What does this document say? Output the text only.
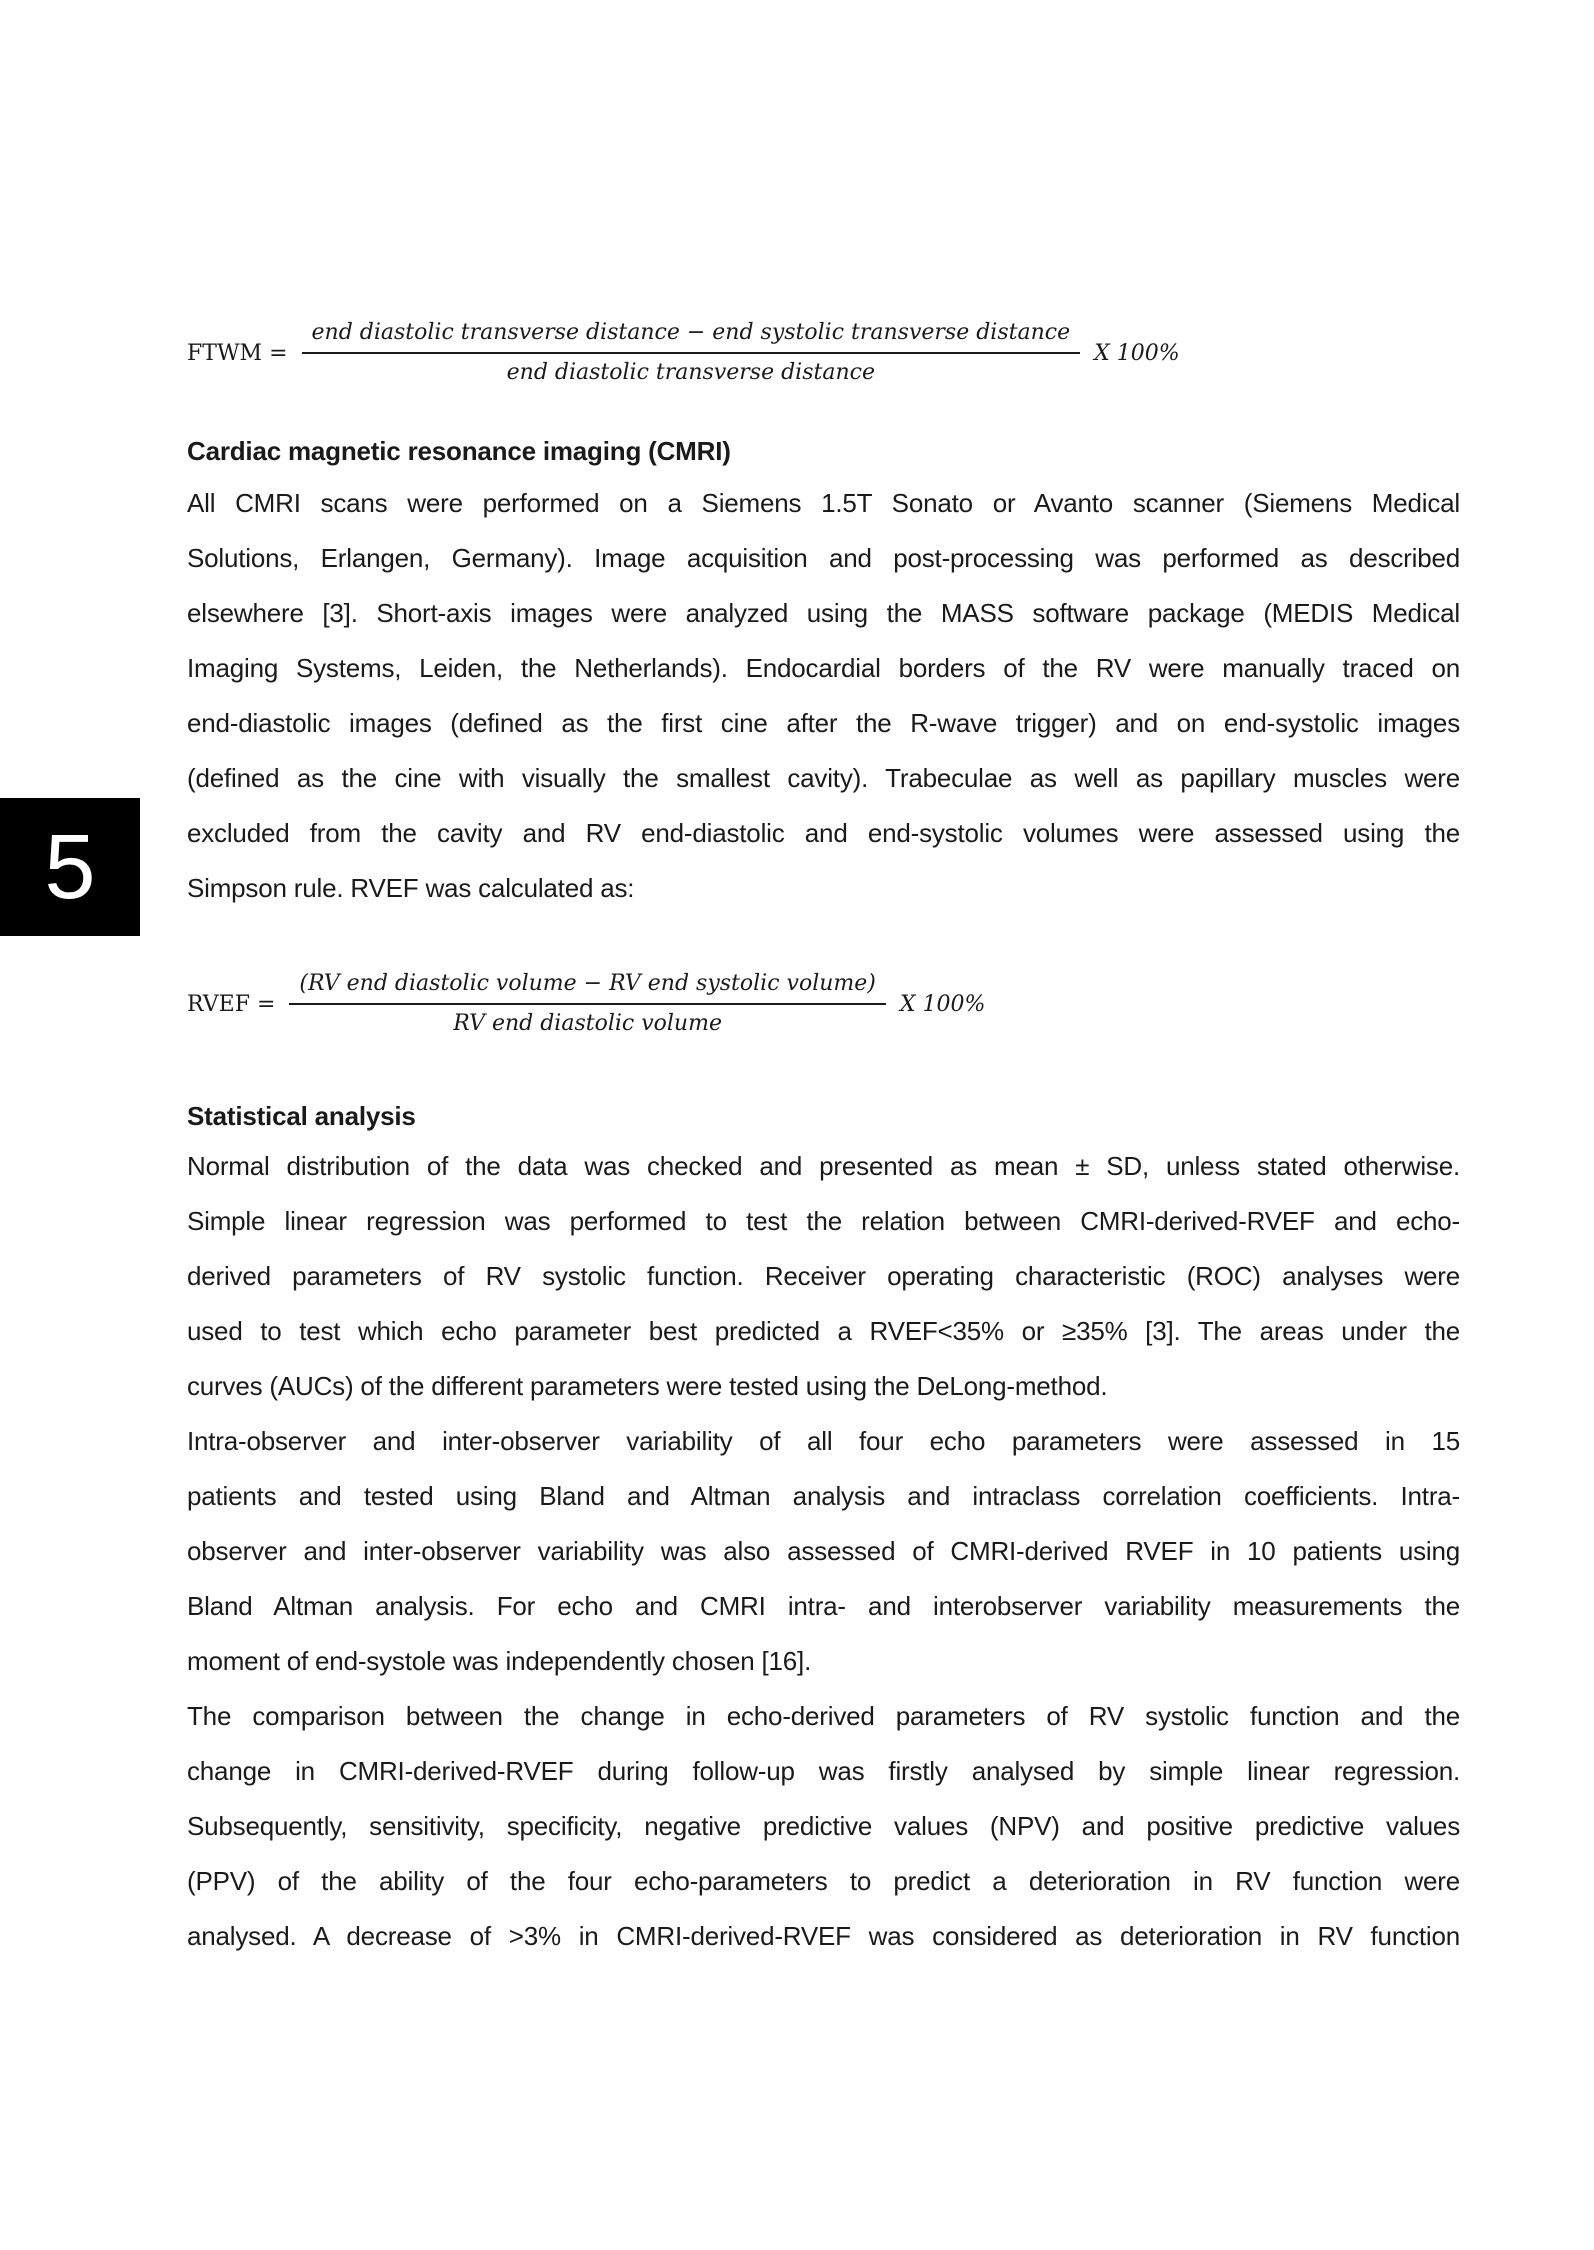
FTWM =
end diastolic transverse distance − end systolic transverse distance
end diastolic transverse distance
X 100%
Cardiac magnetic resonance imaging (CMRI)
All CMRI scans were performed on a Siemens 1.5T Sonato or Avanto scanner (Siemens Medical
Solutions, Erlangen, Germany). Image acquisition and post-processing was performed as described
elsewhere [3]. Short-axis images were analyzed using the MASS software package (MEDIS Medical
Imaging Systems, Leiden, the Netherlands). Endocardial borders of the RV were manually traced on
end-diastolic images (defined as the first cine after the R-wave trigger) and on end-systolic images
(defined as the cine with visually the smallest cavity). Trabeculae as well as papillary muscles were
excluded from the cavity and RV end-diastolic and end-systolic volumes were assessed using the
Simpson rule. RVEF was calculated as:
5
RVEF = $\frac{\text{(RV end diastolic volume − RV end systolic volume)}}{\text{RV end diastolic volume}}$ X 100%
Statistical analysis
Normal distribution of the data was checked and presented as mean ± SD, unless stated otherwise.
Simple linear regression was performed to test the relation between CMRI-derived-RVEF and echo-
derived parameters of RV systolic function. Receiver operating characteristic (ROC) analyses were
used to test which echo parameter best predicted a RVEF<35% or ≥35% [3]. The areas under the
curves (AUCs) of the different parameters were tested using the DeLong-method.
Intra-observer and inter-observer variability of all four echo parameters were assessed in 15
patients and tested using Bland and Altman analysis and intraclass correlation coefficients. Intra-
observer and inter-observer variability was also assessed of CMRI-derived RVEF in 10 patients using
Bland Altman analysis. For echo and CMRI intra- and interobserver variability measurements the
moment of end-systole was independently chosen [16].
The comparison between the change in echo-derived parameters of RV systolic function and the
change in CMRI-derived-RVEF during follow-up was firstly analysed by simple linear regression.
Subsequently, sensitivity, specificity, negative predictive values (NPV) and positive predictive values
(PPV) of the ability of the four echo-parameters to predict a deterioration in RV function were
analysed. A decrease of >3% in CMRI-derived-RVEF was considered as deterioration in RV function
